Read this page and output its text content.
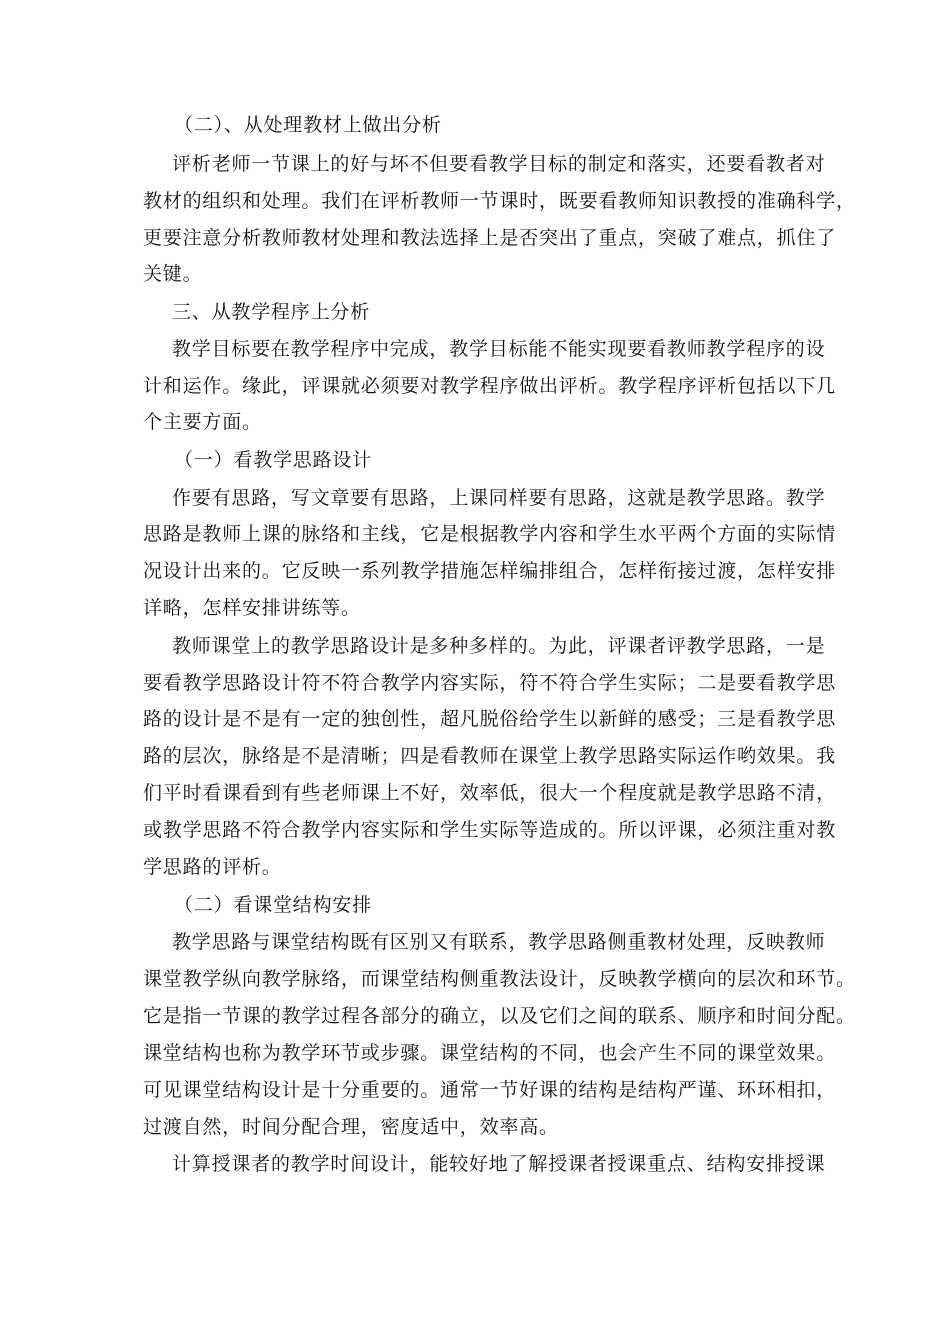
（二）、从处理教材上做出分析
评析老师一节课上的好与坏不但要看教学目标的制定和落实，还要看教者对
教材的组织和处理。我们在评析教师一节课时，既要看教师知识教授的准确科学，
更要注意分析教师教材处理和教法选择上是否突出了重点，突破了难点，抓住了
关键。
三、从教学程序上分析
教学目标要在教学程序中完成，教学目标能不能实现要看教师教学程序的设
计和运作。缘此，评课就必须要对教学程序做出评析。教学程序评析包括以下几
个主要方面。
（一）看教学思路设计
作要有思路，写文章要有思路，上课同样要有思路，这就是教学思路。教学
思路是教师上课的脉络和主线，它是根据教学内容和学生水平两个方面的实际情
况设计出来的。它反映一系列教学措施怎样编排组合，怎样衔接过渡，怎样安排
详略，怎样安排讲练等。
教师课堂上的教学思路设计是多种多样的。为此，评课者评教学思路，一是
要看教学思路设计符不符合教学内容实际，符不符合学生实际；二是要看教学思
路的设计是不是有一定的独创性，超凡脱俗给学生以新鲜的感受；三是看教学思
路的层次，脉络是不是清晰；四是看教师在课堂上教学思路实际运作哟效果。我
们平时看课看到有些老师课上不好，效率低，很大一个程度就是教学思路不清，
或教学思路不符合教学内容实际和学生实际等造成的。所以评课，必须注重对教
学思路的评析。
（二）看课堂结构安排
教学思路与课堂结构既有区别又有联系，教学思路侧重教材处理，反映教师
课堂教学纵向教学脉络，而课堂结构侧重教法设计，反映教学横向的层次和环节。
它是指一节课的教学过程各部分的确立，以及它们之间的联系、顺序和时间分配。
课堂结构也称为教学环节或步骤。课堂结构的不同，也会产生不同的课堂效果。
可见课堂结构设计是十分重要的。通常一节好课的结构是结构严谨、环环相扣，
过渡自然，时间分配合理，密度适中，效率高。
计算授课者的教学时间设计，能较好地了解授课者授课重点、结构安排授课
